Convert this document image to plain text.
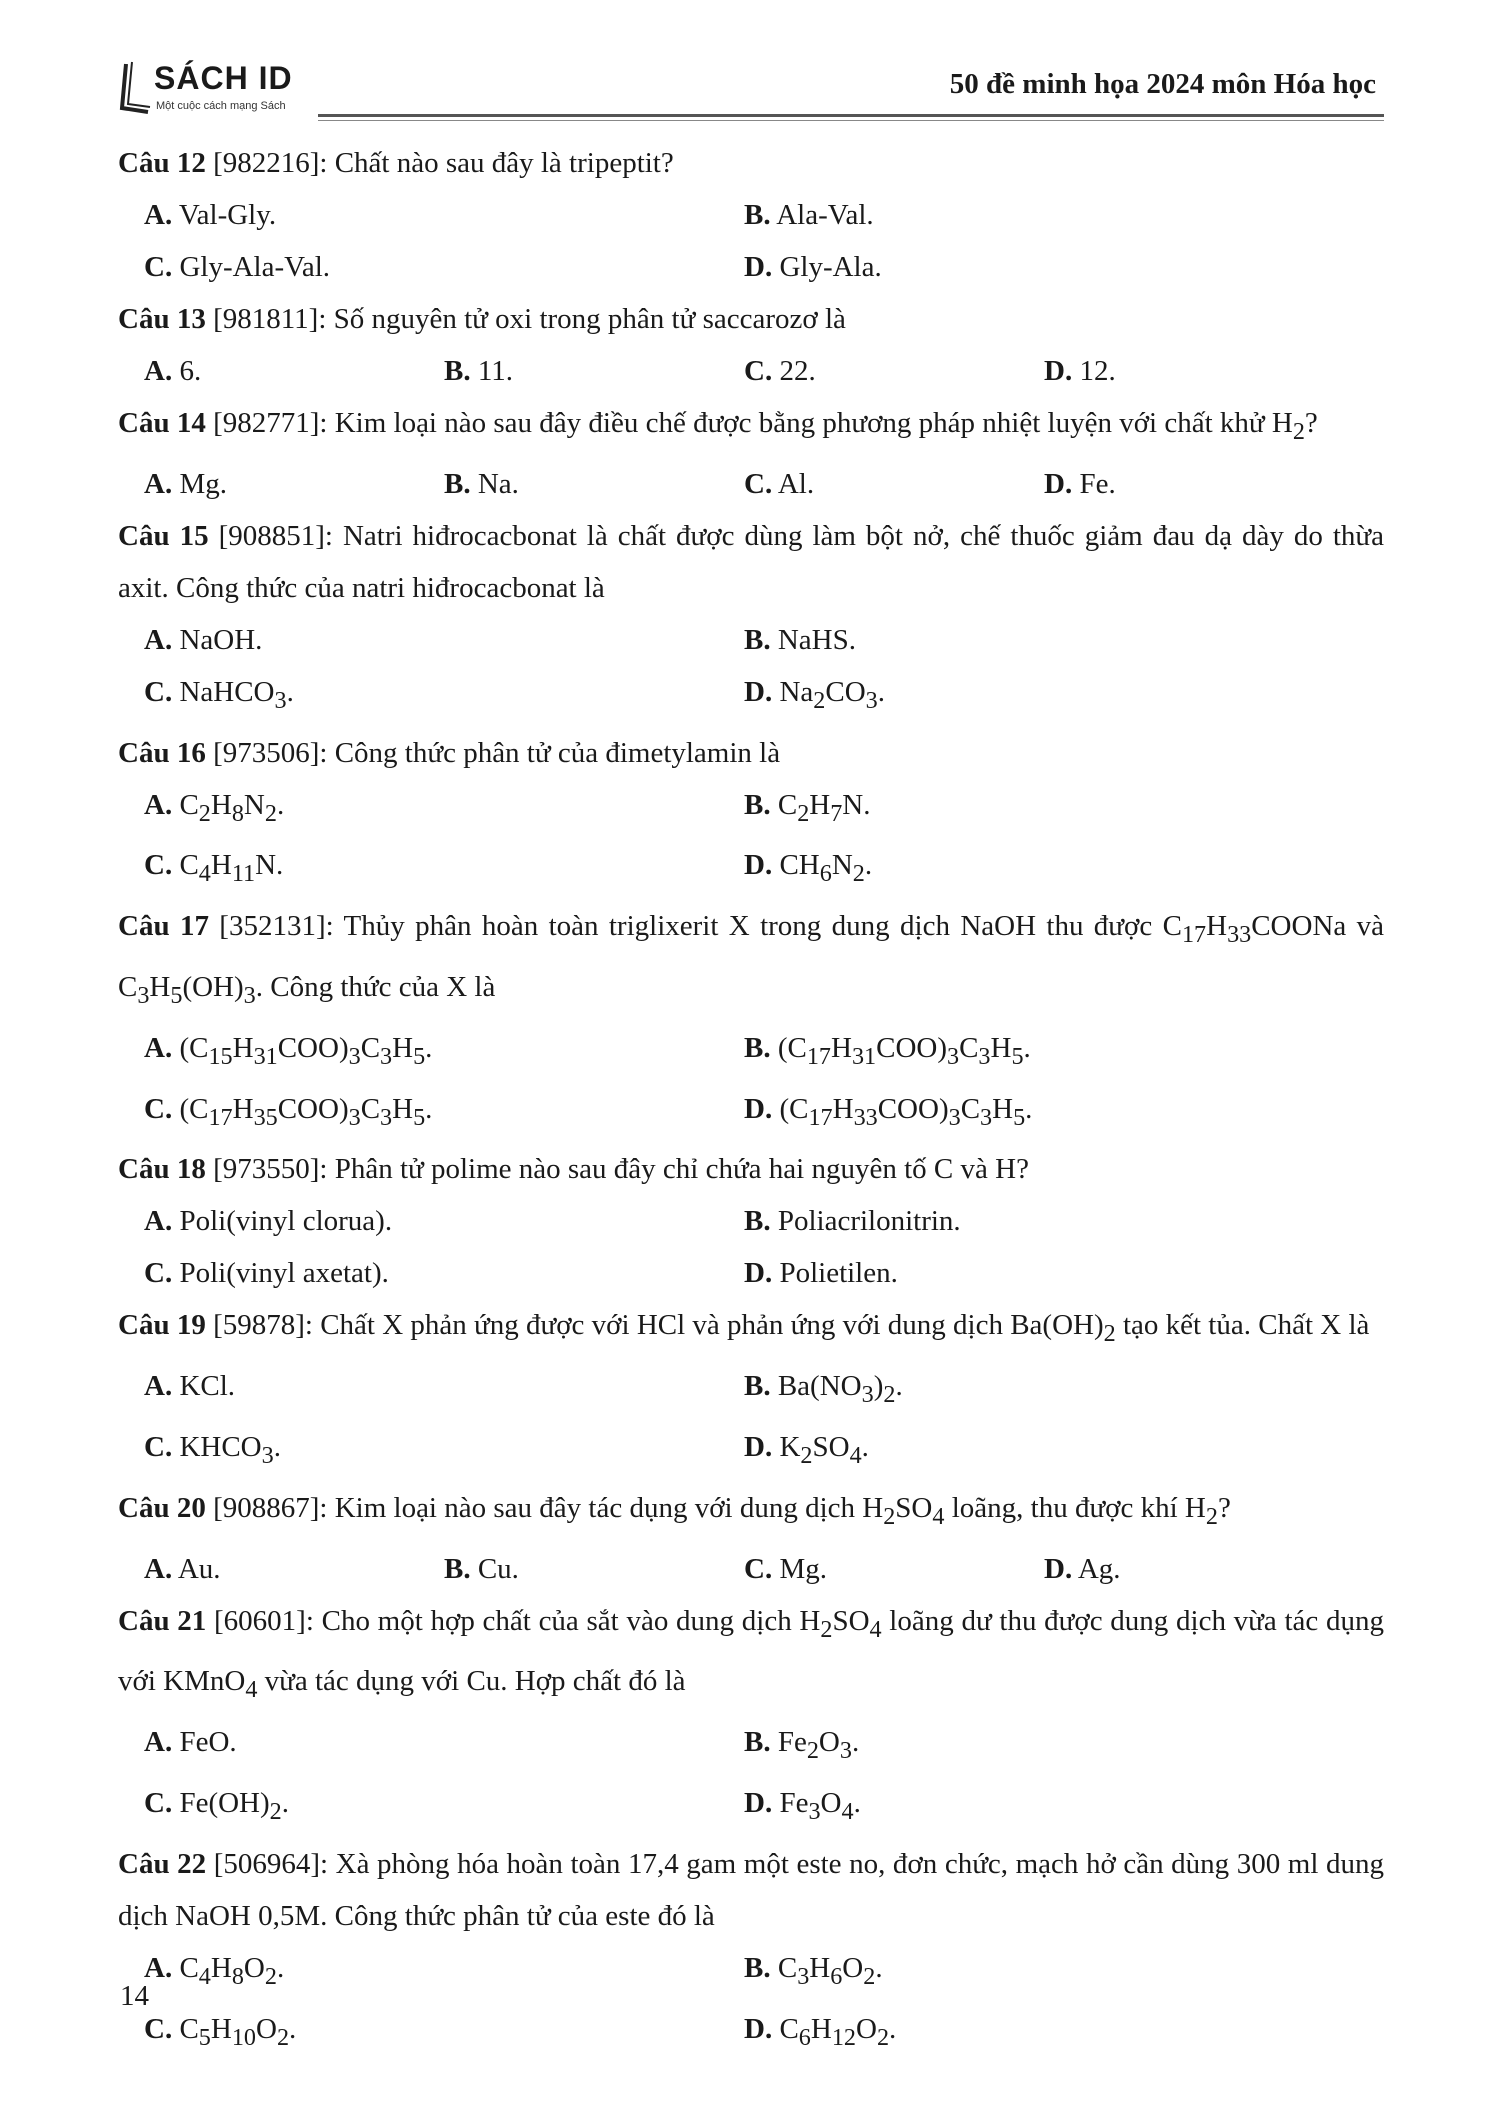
SÁCH ID
Một cuộc cách mạng Sách
50 đề minh họa 2024 môn Hóa học
Câu 12 [982216]: Chất nào sau đây là tripeptit?
A. Val-Gly.	B. Ala-Val.
C. Gly-Ala-Val.	D. Gly-Ala.
Câu 13 [981811]: Số nguyên tử oxi trong phân tử saccarozơ là
A. 6.	B. 11.	C. 22.	D. 12.
Câu 14 [982771]: Kim loại nào sau đây điều chế được bằng phương pháp nhiệt luyện với chất khử $H_2$?
A. Mg.	B. Na.	C. Al.	D. Fe.
Câu 15 [908851]: Natri hiđrocacbonat là chất được dùng làm bột nở, chế thuốc giảm đau dạ dày do thừa axit. Công thức của natri hiđrocacbonat là
A. NaOH.	B. NaHS.
C. NaHCO$_3$.	D. $Na_2CO_3$.
Câu 16 [973506]: Công thức phân tử của đimetylamin là
A. $C_2H_8N_2$.	B. $C_2H_7N$.
C. $C_4H_{11}N$.	D. $CH_6N_2$.
Câu 17 [352131]: Thủy phân hoàn toàn triglixerit X trong dung dịch NaOH thu được $C_{17}H_{33}COONa$ và $C_3H_5(OH)_3$. Công thức của X là
A. $(C_{15}H_{31}COO)_3C_3H_5$.	B. $(C_{17}H_{31}COO)_3C_3H_5$.
C. $(C_{17}H_{35}COO)_3C_3H_5$.	D. $(C_{17}H_{33}COO)_3C_3H_5$.
Câu 18 [973550]: Phân tử polime nào sau đây chỉ chứa hai nguyên tố C và H?
A. Poli(vinyl clorua).	B. Poliacrilonitrin.
C. Poli(vinyl axetat).	D. Polietilen.
Câu 19 [59878]: Chất X phản ứng được với HCl và phản ứng với dung dịch $Ba(OH)_2$ tạo kết tủa. Chất X là
A. KCl.	B. $Ba(NO_3)_2$.
C. $KHCO_3$.	D. $K_2SO_4$.
Câu 20 [908867]: Kim loại nào sau đây tác dụng với dung dịch $H_2SO_4$ loãng, thu được khí $H_2$?
A. Au.	B. Cu.	C. Mg.	D. Ag.
Câu 21 [60601]: Cho một hợp chất của sắt vào dung dịch $H_2SO_4$ loãng dư thu được dung dịch vừa tác dụng với KMnO$_4$ vừa tác dụng với Cu. Hợp chất đó là
A. FeO.	B. $Fe_2O_3$.
C. $Fe(OH)_2$.	D. $Fe_3O_4$.
Câu 22 [506964]: Xà phòng hóa hoàn toàn 17,4 gam một este no, đơn chức, mạch hở cần dùng 300 ml dung dịch NaOH 0,5M. Công thức phân tử của este đó là
A. $C_4H_8O_2$.	B. $C_3H_6O_2$.
C. $C_5H_{10}O_2$.	D. $C_6H_{12}O_2$.
14
